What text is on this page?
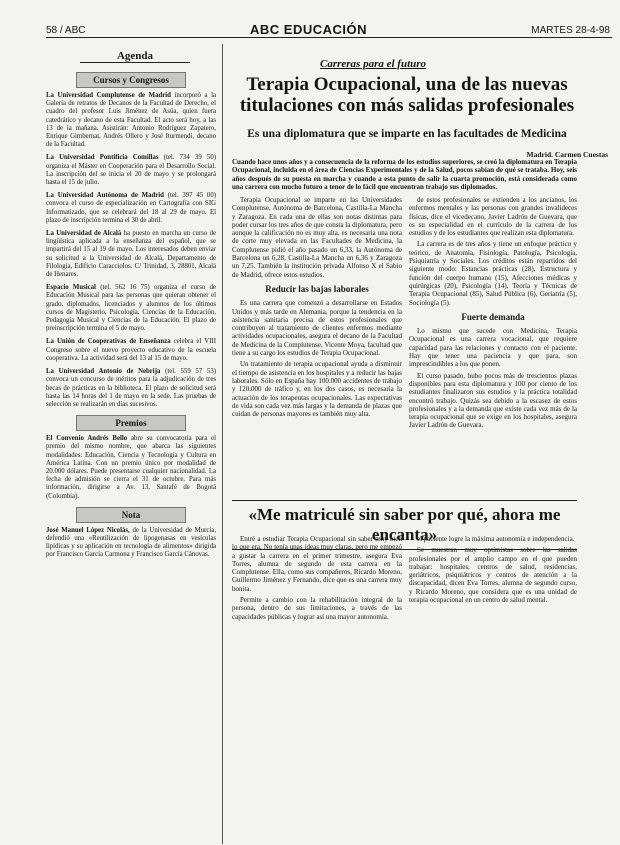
58 / ABC	ABC EDUCACIÓN	MARTES 28-4-98
Agenda
Cursos y Congresos

La Universidad Complutense de Madrid incorporó a la Galería de retratos de Decanos de la Facultad de Derecho, el cuadro del profesor Luis Jiménez de Asúa, quien fuera catedrático y decano de esta Facultad. El acto será hoy, a las 13 de la mañana. Asistirán: Antonio Rodríguez Zapatero, Enrique Gimbernat, Andrés Ollero y José Iturmendi, decano de la Facultad.

La Universidad Pontificia Comillas (tel. 734 39 50) organiza el Máster en Cooperación para el Desarrollo Social. La inscripción del se inicia el 20 de mayo y se prolongará hasta el 15 de julio.

La Universidad Autónoma de Madrid (tel. 397 45 00) convoca el curso de especialización en Cartografía con SIG Informatizado, que se celebrará del 18 al 29 de mayo. El plazo de inscripción termina el 30 de abril.

La Universidad de Alcalá ha puesto en marcha un curso de lingüística aplicada a la enseñanza del español, que se impartirá del 15 al 19 de mayo. Los interesados deben enviar su solicitud a la Universidad de Alcalá, Departamento de Filología, Edificio Caracciolos. C/ Trinidad, 3, 28801, Alcalá de Henares.

Espacio Musical (tel. 562 16 75) organiza el curso de Educación Musical para las personas que quieran obtener el grado, diplomados, licenciados y alumnos de los últimos cursos de Magisterio, Psicología, Ciencias de la Educación, Pedagogía Musical y Ciencias de la Educación. El plazo de preinscripción termina el 5 de mayo.

La Unión de Cooperativas de Enseñanza celebra el VIII Congreso sobre el nuevo proyecto educativo de la escuela cooperativa. La actividad será del 13 al 15 de mayo.

La Universidad Antonio de Nebrija (tel. 559 57 53) convoca un concurso de méritos para la adjudicación de tres becas de prácticas en la biblioteca. El plazo de solicitud será hasta las 14 horas del 1 de mayo en la sede. Las pruebas de selección se realizarán en días sucesivos.

Premios

El Convenio Andrés Bello abre su convocatoria para el premio del mismo nombre, que abarca las siguientes modalidades: Educación, Ciencia y Tecnología y Cultura en América Latina. Con un premio único por modalidad de 20.000 dólares. Puede presentarse cualquier nacionalidad. La fecha de admisión se cierra el 31 de octubre. Para más información, dirigirse a Av. 13, Santafé de Bogotá (Colombia).

Nota

José Manuel López Nicolás, de la Universidad de Murcia, defendió una «Reutilización de lipogenasas en vesículas lipídicas y su aplicación en tecnología de alimentos» dirigida por Francisco García Carmona y Francisco García Cánovas.

Carreras para el futuro
Terapia Ocupacional, una de las nuevas titulaciones con más salidas profesionales
Es una diplomatura que se imparte en las facultades de Medicina
Madrid. Carmen Cuestas
Cuando hace unos años y a consecuencia de la reforma de los estudios superiores, se creó la diplomatura en Terapia Ocupacional, incluida en el área de Ciencias Experimentales y de la Salud, pocos sabían de qué se trataba. Hoy, seis años después de su puesta en marcha y cuando a esta punto de salir la cuarta promoción, está considerada como una carrera con mucho futuro a tenor de lo fácil que encuentran trabajo sus diplomados.

Terapia Ocupacional se imparte en las Universidades Complutense, Autónoma de Barcelona, Castilla-La Mancha y Zaragoza. En cada una de ellas son notas distintas para poder cursar los tres años de que consta la diplomatura, pero aunque la calificación no es muy alta, es necesaria una nota de corte muy elevada en las Facultades de Medicina, la Complutense pidió el año pasado un 6,33, la Autónoma de Barcelona un 6,28, Castilla-La Mancha un 6,36 y Zaragoza un 7,25. También la institución privada Alfonso X el Sabio de Madrid, ofrece estos estudios.

Reducir las bajas laborales

Es una carrera que comenzó a desarrollarse en Estados Unidos y más tarde en Alemania, porque la tendencia en la asistencia sanitaria precisa de estos profesionales que contribuyen al tratamiento de clientes enfermos mediante actividades ocupacionales, asegura el decano de la Facultad de Medicina de la Complutense, Vicente Moya, facultad que tiene a su cargo los estudios de Terapia Ocupacional.

Un tratamiento de terapia ocupacional ayuda a disminuir el tiempo de asistencia en los hospitales y a reducir las bajas laborales. Sólo en España hay 100.000 accidentes de trabajo y 120.000 de tráfico y, en los dos casos, es necesaria la actuación de los terapeutas ocupacionales. Las expectativas de vida son cada vez más largas y la demanda de plazas que cuidan de personas mayores es también muy alta.

de estos profesionales se extienden a los ancianos, los enfermos mentales y las personas con grandes invalideces físicas, dice el vicedecano, Javier Ladrón de Guevara, que es su especialidad en el currículo de la carrera de los estudios y de los estudiantes que realizan esta diplomatura.

La carrera es de tres años y tiene un enfoque práctico y teórico, de Anatomía, Fisiología, Patología, Psicología, Psiquiatría y Sociales. Los créditos están repartidos del siguiente modo: Estancias prácticas (28), Estructura y función del cuerpo humano (15), Afecciones médicas y quirúrgicas (20), Psicología (14), Teoría y Técnicas de Terapia Ocupacional (85), Salud Pública (6), Geriatría (5), Sociología (5).

Fuerte demanda

Lo mismo que sucede con Medicina, Terapia Ocupacional es una carrera vocacional, que requiere capacidad para las relaciones y contacto con el paciente. Hay que tener una paciencia y que para, son imprescindibles a los que ponen.

El curso pasado, hubo pocos más de trescientos plazas disponibles para esta diplomatura y 100 por ciento de los estudiantes finalizaron sus estudios y la práctica totalidad encontró trabajo. Quizás sea debido a la escasez de estos profesionales y a la demanda que existe cada vez más de la terapia ocupacional que se exige en los hospitales, asegura Javier Ladrón de Guevara.

«Me matriculé sin saber por qué, ahora me encanta»

Entré a estudiar Terapia Ocupacional sin saber muy bien lo que era. No tenía unas ideas muy claras, pero me empezó a gustar la carrera en el primer trimestre, asegura Eva Torres, alumna de segundo de esta carrera en la Complutense. Ella, como sus compañeros, Ricardo Moreno, Guillermo Jiménez y Fernando, dice que es una carrera muy bonita.

Permite a cambio con la rehabilitación integral de la persona, dentro de sus limitaciones, a través de las capacidades públicas y lograr así una mayor autonomía.

el paciente logre la máxima autonomía e independencia.

Se muestran muy optimistas sobre las salidas profesionales por el amplio campo en el que pueden trabajar: hospitales, centros de salud, residencias, geriátricos, psiquiátricos y centros de atención a la discapacidad, dicen Eva Torres, alumna de segundo curso, y Ricardo Moreno, que considera que es una unidad de terapia ocupacional en un centro de salud mental.
